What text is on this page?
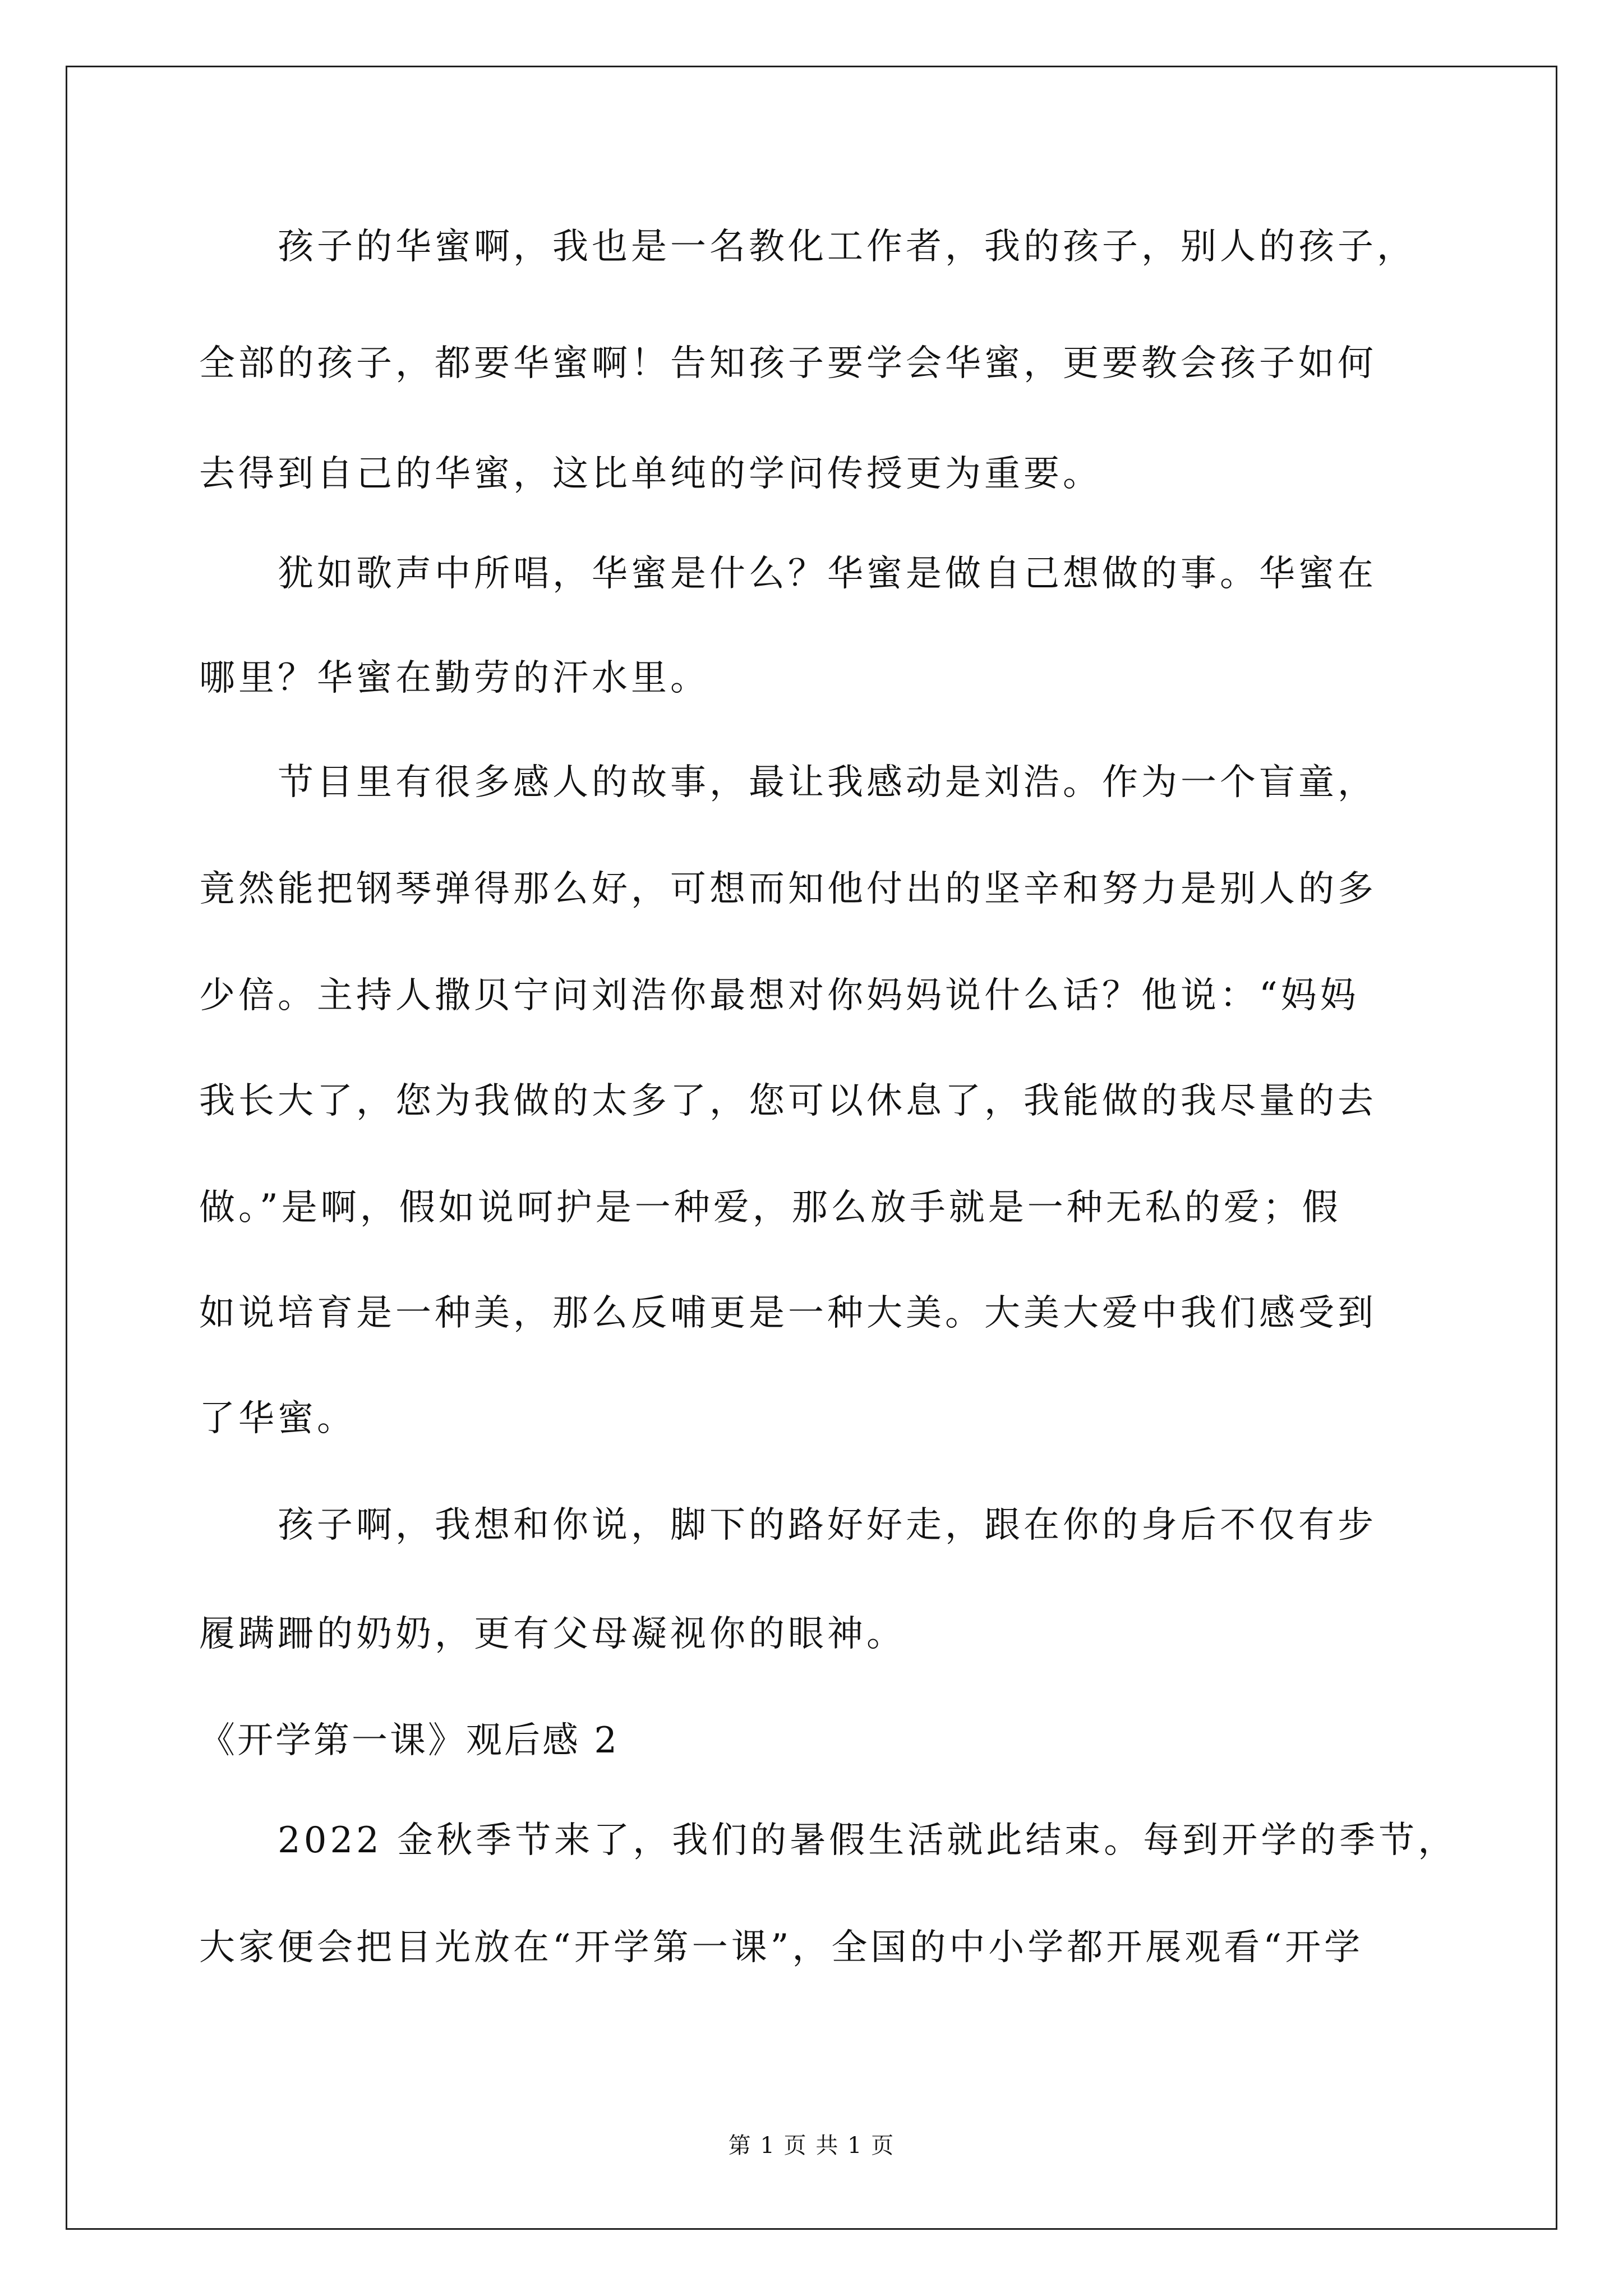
孩子的华蜜啊，我也是一名教化工作者，我的孩子，别人的孩子，
全部的孩子，都要华蜜啊！告知孩子要学会华蜜，更要教会孩子如何
去得到自己的华蜜，这比单纯的学问传授更为重要。
犹如歌声中所唱，华蜜是什么？华蜜是做自己想做的事。华蜜在
哪里？华蜜在勤劳的汗水里。
节目里有很多感人的故事，最让我感动是刘浩。作为一个盲童，
竟然能把钢琴弹得那么好，可想而知他付出的坚辛和努力是别人的多
少倍。主持人撒贝宁问刘浩你最想对你妈妈说什么话？他说：“妈妈
我长大了，您为我做的太多了，您可以休息了，我能做的我尽量的去
做。”是啊，假如说呵护是一种爱，那么放手就是一种无私的爱；假
如说培育是一种美，那么反哺更是一种大美。大美大爱中我们感受到
了华蜜。
孩子啊，我想和你说，脚下的路好好走，跟在你的身后不仅有步
履蹒跚的奶奶，更有父母凝视你的眼神。
《开学第一课》观后感 2
2022 金秋季节来了，我们的暑假生活就此结束。每到开学的季节，
大家便会把目光放在“开学第一课”，全国的中小学都开展观看“开学
第 1 页 共 1 页
